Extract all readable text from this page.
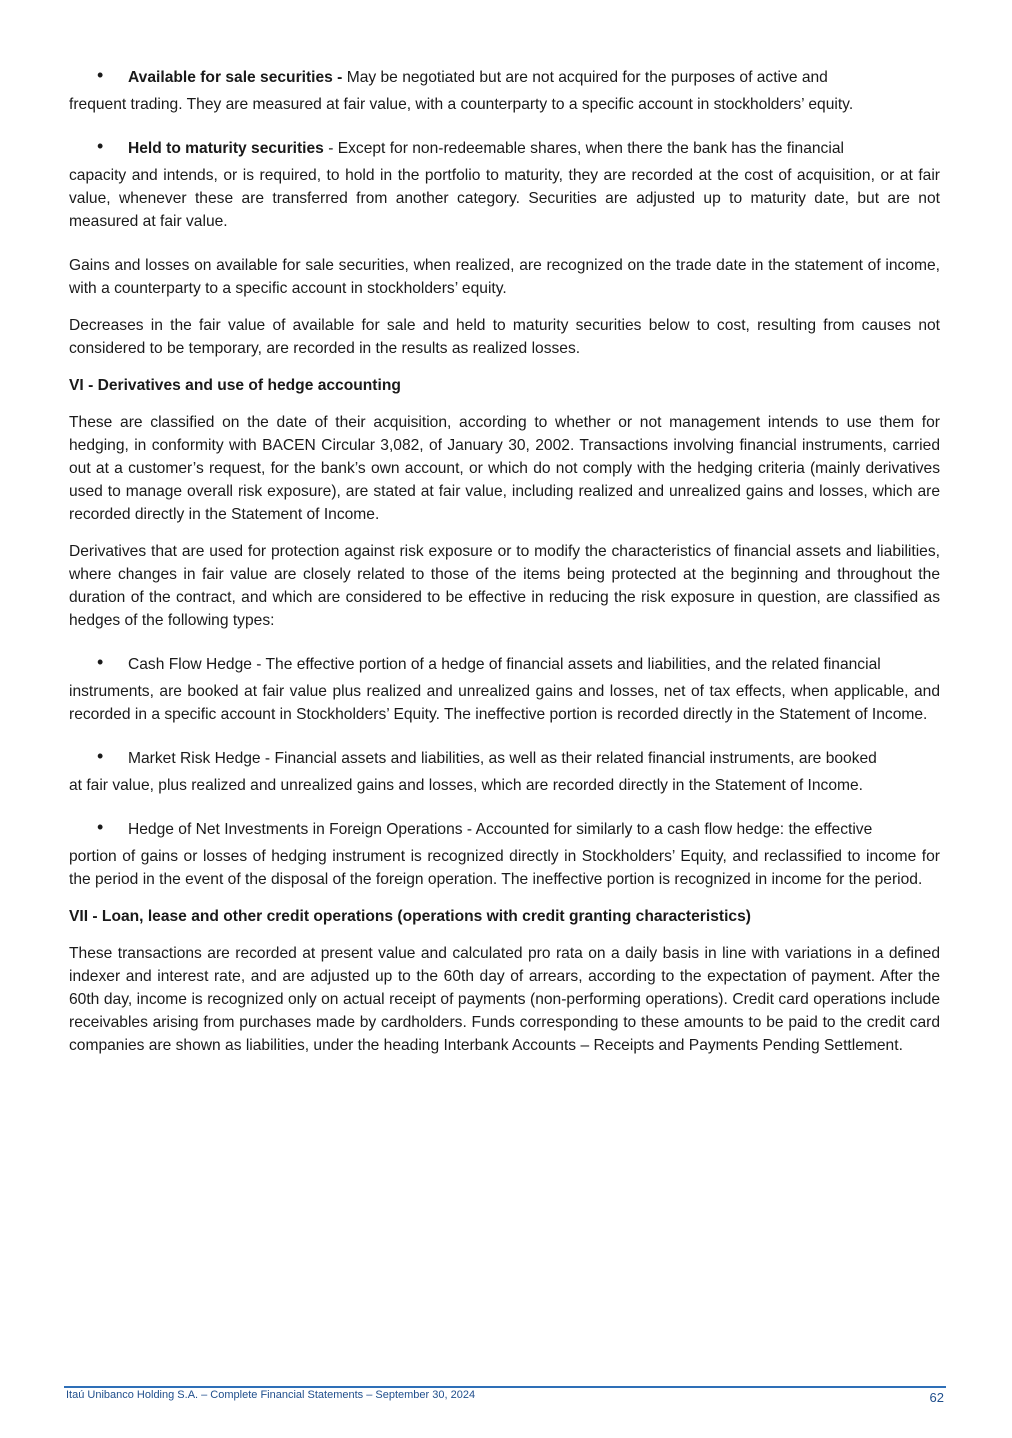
•	Available for sale securities - May be negotiated but are not acquired for the purposes of active and
frequent trading. They are measured at fair value, with a counterparty to a specific account in stockholders’ equity.
•	Held to maturity securities - Except for non-redeemable shares, when there the bank has the financial
capacity and intends, or is required, to hold in the portfolio to maturity, they are recorded at the cost of acquisition, or at fair value, whenever these are transferred from another category. Securities are adjusted up to maturity date, but are not measured at fair value.

Gains and losses on available for sale securities, when realized, are recognized on the trade date in the statement of income, with a counterparty to a specific account in stockholders’ equity.

Decreases in the fair value of available for sale and held to maturity securities below to cost, resulting from causes not considered to be temporary, are recorded in the results as realized losses.

VI - Derivatives and use of hedge accounting

These are classified on the date of their acquisition, according to whether or not management intends to use them for hedging, in conformity with BACEN Circular 3,082, of January 30, 2002. Transactions involving financial instruments, carried out at a customer’s request, for the bank’s own account, or which do not comply with the hedging criteria (mainly derivatives used to manage overall risk exposure), are stated at fair value, including realized and unrealized gains and losses, which are recorded directly in the Statement of Income.

Derivatives that are used for protection against risk exposure or to modify the characteristics of financial assets and liabilities, where changes in fair value are closely related to those of the items being protected at the beginning and throughout the duration of the contract, and which are considered to be effective in reducing the risk exposure in question, are classified as hedges of the following types:

•	Cash Flow Hedge - The effective portion of a hedge of financial assets and liabilities, and the related financial
instruments, are booked at fair value plus realized and unrealized gains and losses, net of tax effects, when applicable, and recorded in a specific account in Stockholders’ Equity. The ineffective portion is recorded directly in the Statement of Income.
•	Market Risk Hedge - Financial assets and liabilities, as well as their related financial instruments, are booked
at fair value, plus realized and unrealized gains and losses, which are recorded directly in the Statement of Income.
•	Hedge of Net Investments in Foreign Operations - Accounted for similarly to a cash flow hedge: the effective
portion of gains or losses of hedging instrument is recognized directly in Stockholders’ Equity, and reclassified to income for the period in the event of the disposal of the foreign operation. The ineffective portion is recognized in income for the period.
VII - Loan, lease and other credit operations (operations with credit granting characteristics)

These transactions are recorded at present value and calculated pro rata on a daily basis in line with variations in a defined indexer and interest rate, and are adjusted up to the 60th day of arrears, according to the expectation of payment. After the 60th day, income is recognized only on actual receipt of payments (non-performing operations). Credit card operations include receivables arising from purchases made by cardholders. Funds corresponding to these amounts to be paid to the credit card companies are shown as liabilities, under the heading Interbank Accounts – Receipts and Payments Pending Settlement.

Itaú Unibanco Holding S.A. – Complete Financial Statements – September 30, 2024	62
